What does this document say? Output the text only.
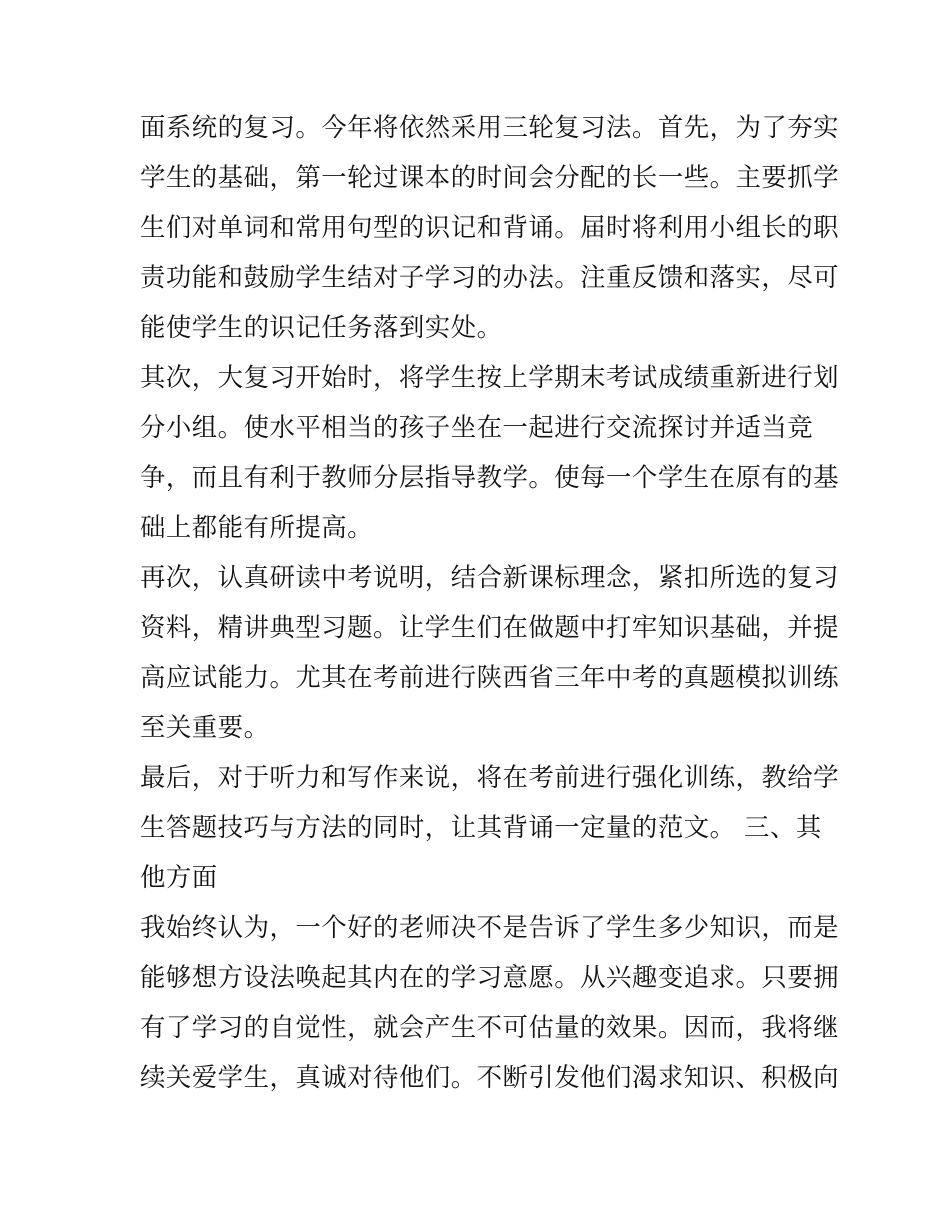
面系统的复习。今年将依然采用三轮复习法。首先，为了夯实
学生的基础，第一轮过课本的时间会分配的长一些。主要抓学
生们对单词和常用句型的识记和背诵。届时将利用小组长的职
责功能和鼓励学生结对子学习的办法。注重反馈和落实，尽可
能使学生的识记任务落到实处。
其次，大复习开始时，将学生按上学期末考试成绩重新进行划
分小组。使水平相当的孩子坐在一起进行交流探讨并适当竞
争，而且有利于教师分层指导教学。使每一个学生在原有的基
础上都能有所提高。
再次，认真研读中考说明，结合新课标理念，紧扣所选的复习
资料，精讲典型习题。让学生们在做题中打牢知识基础，并提
高应试能力。尤其在考前进行陕西省三年中考的真题模拟训练
至关重要。
最后，对于听力和写作来说，将在考前进行强化训练，教给学
生答题技巧与方法的同时，让其背诵一定量的范文。 三、其
他方面
我始终认为，一个好的老师决不是告诉了学生多少知识，而是
能够想方设法唤起其内在的学习意愿。从兴趣变追求。只要拥
有了学习的自觉性，就会产生不可估量的效果。因而，我将继
续关爱学生，真诚对待他们。不断引发他们渴求知识、积极向
